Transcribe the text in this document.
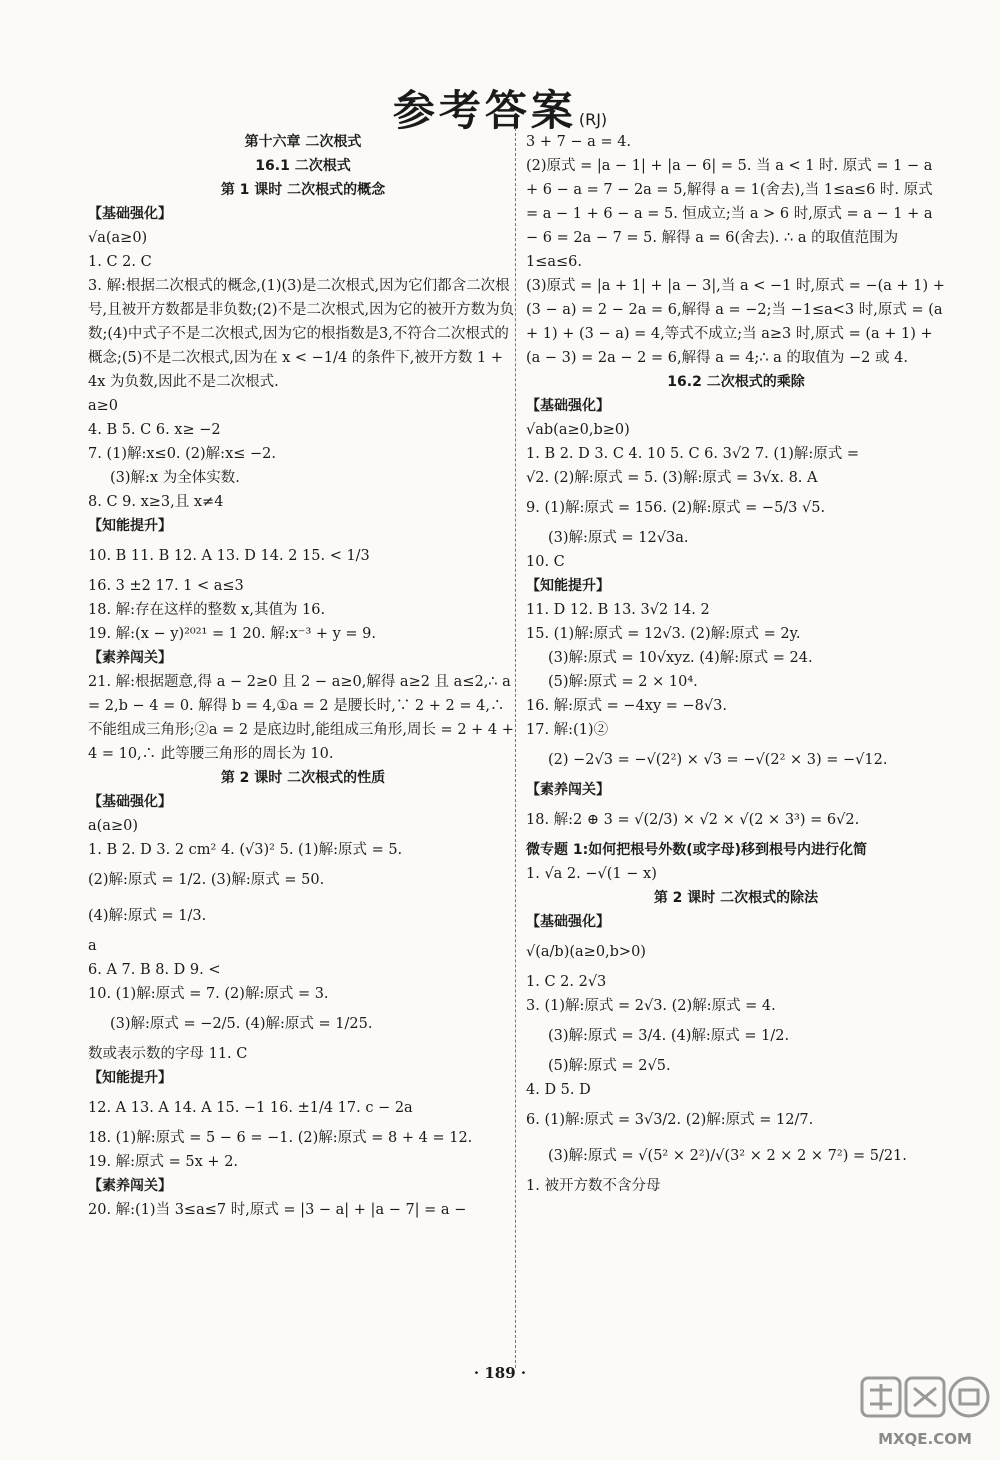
参考答案 (RJ)
第十六章 二次根式
16.1 二次根式
第 1 课时 二次根式的概念
【基础强化】
√a(a≥0)
1. C 2. C
3. 解:根据二次根式的概念,(1)(3)是二次根式,因为它们都含二次根号,且被开方数都是非负数;(2)不是二次根式,因为它的被开方数为负数;(4)中式子不是二次根式,因为它的根指数是3,不符合二次根式的概念;(5)不是二次根式,因为在 x < −1/4 的条件下,被开方数 1 + 4x 为负数,因此不是二次根式.
a≥0
4. B 5. C 6. x≥ −2
7. (1)解:x≤0. (2)解:x≤ −2.
(3)解:x 为全体实数.
8. C 9. x≥3,且 x≠4
【知能提升】
10. B 11. B 12. A 13. D 14. 2 15. < 1/3
16. 3 ±2 17. 1 < a≤3
18. 解:存在这样的整数 x,其值为 16.
19. 解:(x − y)²⁰²¹ = 1 20. 解:x⁻³ + y = 9.
【素养闯关】
21. 解:根据题意,得 a − 2≥0 且 2 − a≥0,解得 a≥2 且 a≤2,∴ a = 2,b − 4 = 0. 解得 b = 4,①a = 2 是腰长时,∵ 2 + 2 = 4,∴ 不能组成三角形;②a = 2 是底边时,能组成三角形,周长 = 2 + 4 + 4 = 10,∴ 此等腰三角形的周长为 10.
第 2 课时 二次根式的性质
【基础强化】
a(a≥0)
1. B 2. D 3. 2 cm² 4. (√3)² 5. (1)解:原式 = 5.
(2)解:原式 = 1/2. (3)解:原式 = 50.
(4)解:原式 = 1/3.
a
6. A 7. B 8. D 9. <
10. (1)解:原式 = 7. (2)解:原式 = 3.
(3)解:原式 = −2/5. (4)解:原式 = 1/25.
数或表示数的字母 11. C
【知能提升】
12. A 13. A 14. A 15. −1 16. ±1/4 17. c − 2a
18. (1)解:原式 = 5 − 6 = −1. (2)解:原式 = 8 + 4 = 12.
19. 解:原式 = 5x + 2.
【素养闯关】
20. 解:(1)当 3≤a≤7 时,原式 = |3 − a| + |a − 7| = a −
3 + 7 − a = 4.
(2)原式 = |a − 1| + |a − 6| = 5. 当 a < 1 时. 原式 = 1 − a + 6 − a = 7 − 2a = 5,解得 a = 1(舍去),当 1≤a≤6 时. 原式 = a − 1 + 6 − a = 5. 恒成立;当 a > 6 时,原式 = a − 1 + a − 6 = 2a − 7 = 5. 解得 a = 6(舍去). ∴ a 的取值范围为 1≤a≤6.
(3)原式 = |a + 1| + |a − 3|,当 a < −1 时,原式 = −(a + 1) + (3 − a) = 2 − 2a = 6,解得 a = −2;当 −1≤a<3 时,原式 = (a + 1) + (3 − a) = 4,等式不成立;当 a≥3 时,原式 = (a + 1) + (a − 3) = 2a − 2 = 6,解得 a = 4;∴ a 的取值为 −2 或 4.
16.2 二次根式的乘除
【基础强化】
√ab(a≥0,b≥0)
1. B 2. D 3. C 4. 10 5. C 6. 3√2 7. (1)解:原式 =
√2. (2)解:原式 = 5. (3)解:原式 = 3√x. 8. A
9. (1)解:原式 = 156. (2)解:原式 = −5/3 √5.
(3)解:原式 = 12√3a.
10. C
【知能提升】
11. D 12. B 13. 3√2 14. 2
15. (1)解:原式 = 12√3. (2)解:原式 = 2y.
(3)解:原式 = 10√xyz. (4)解:原式 = 24.
(5)解:原式 = 2 × 10⁴.
16. 解:原式 = −4xy = −8√3.
17. 解:(1)②
(2) −2√3 = −√(2²) × √3 = −√(2² × 3) = −√12.
【素养闯关】
18. 解:2 ⊕ 3 = √(2/3) × √2 × √(2 × 3³) = 6√2.
微专题 1:如何把根号外数(或字母)移到根号内进行化简
1. √a 2. −√(1 − x)
第 2 课时 二次根式的除法
【基础强化】
√(a/b)(a≥0,b>0)
1. C 2. 2√3
3. (1)解:原式 = 2√3. (2)解:原式 = 4.
(3)解:原式 = 3/4. (4)解:原式 = 1/2.
(5)解:原式 = 2√5.
4. D 5. D
6. (1)解:原式 = 3√3/2. (2)解:原式 = 12/7.
(3)解:原式 = √(5² × 2²)/√(3² × 2 × 2 × 7²) = 5/21.
1. 被开方数不含分母
· 189 ·
MXQE.COM
